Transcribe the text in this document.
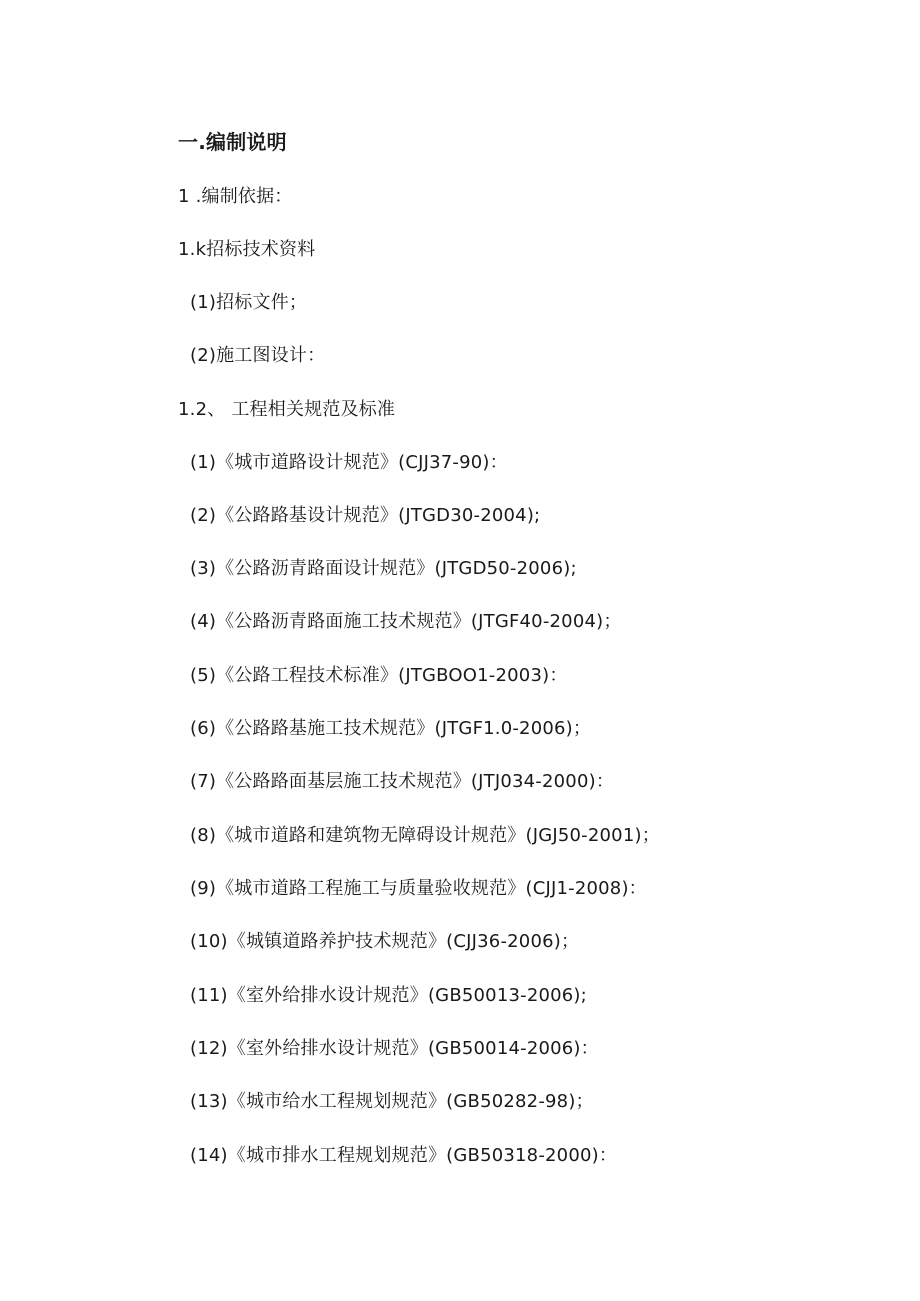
一.编制说明
1 .编制依据：
1.k招标技术资料
(1)招标文件；
(2)施工图设计：
1.2、 工程相关规范及标准
(1)《城市道路设计规范》(CJJ37-90)：
(2)《公路路基设计规范》(JTGD30-2004);
(3)《公路沥青路面设计规范》(JTGD50-2006);
(4)《公路沥青路面施工技术规范》(JTGF40-2004)；
(5)《公路工程技术标准》(JTGBOO1-2003)：
(6)《公路路基施工技术规范》(JTGF1.0-2006)；
(7)《公路路面基层施工技术规范》(JTJ034-2000)：
(8)《城市道路和建筑物无障碍设计规范》(JGJ50-2001)；
(9)《城市道路工程施工与质量验收规范》(CJJ1-2008)：
(10)《城镇道路养护技术规范》(CJJ36-2006)；
(11)《室外给排水设计规范》(GB50013-2006);
(12)《室外给排水设计规范》(GB50014-2006)：
(13)《城市给水工程规划规范》(GB50282-98)；
(14)《城市排水工程规划规范》(GB50318-2000)：
